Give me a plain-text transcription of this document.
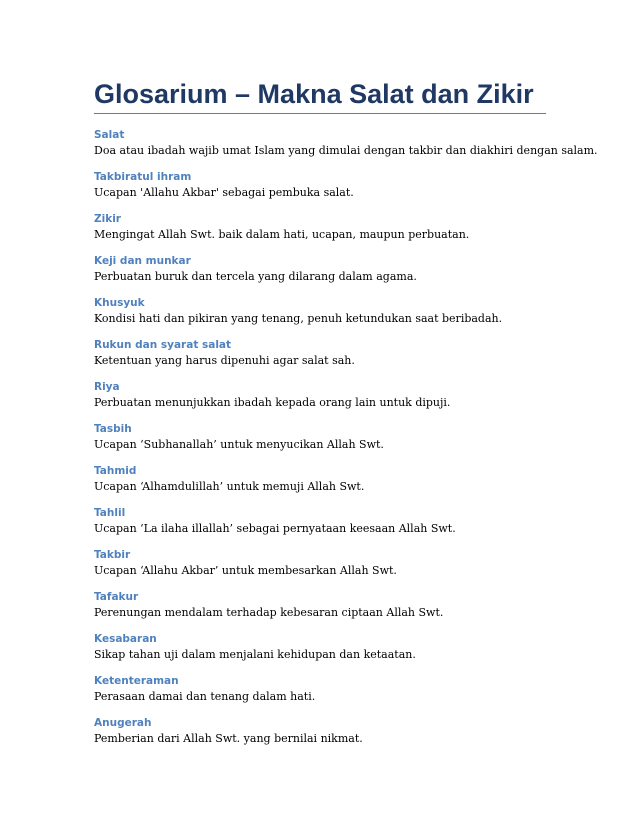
Glosarium – Makna Salat dan Zikir
Salat
Doa atau ibadah wajib umat Islam yang dimulai dengan takbir dan diakhiri dengan salam.
Takbiratul ihram
Ucapan 'Allahu Akbar' sebagai pembuka salat.
Zikir
Mengingat Allah Swt. baik dalam hati, ucapan, maupun perbuatan.
Keji dan munkar
Perbuatan buruk dan tercela yang dilarang dalam agama.
Khusyuk
Kondisi hati dan pikiran yang tenang, penuh ketundukan saat beribadah.
Rukun dan syarat salat
Ketentuan yang harus dipenuhi agar salat sah.
Riya
Perbuatan menunjukkan ibadah kepada orang lain untuk dipuji.
Tasbih
Ucapan ‘Subhanallah’ untuk menyucikan Allah Swt.
Tahmid
Ucapan ‘Alhamdulillah’ untuk memuji Allah Swt.
Tahlil
Ucapan ‘La ilaha illallah’ sebagai pernyataan keesaan Allah Swt.
Takbir
Ucapan ‘Allahu Akbar’ untuk membesarkan Allah Swt.
Tafakur
Perenungan mendalam terhadap kebesaran ciptaan Allah Swt.
Kesabaran
Sikap tahan uji dalam menjalani kehidupan dan ketaatan.
Ketenteraman
Perasaan damai dan tenang dalam hati.
Anugerah
Pemberian dari Allah Swt. yang bernilai nikmat.
